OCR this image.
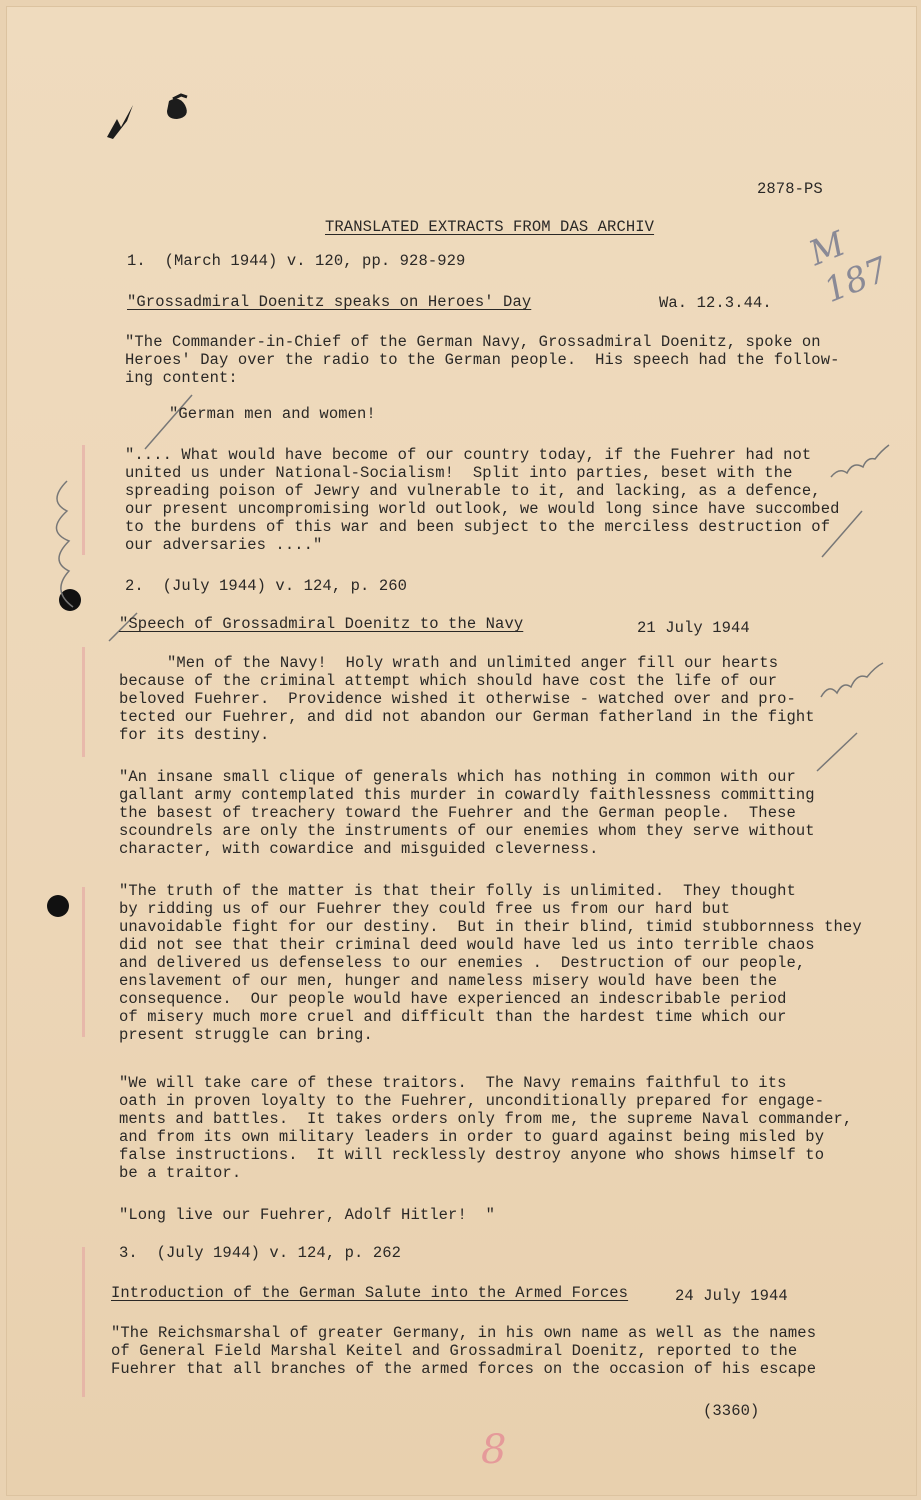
2878-PS
M 187
TRANSLATED EXTRACTS FROM DAS ARCHIV
1.  (March 1944) v. 120, pp. 928-929
"Grossadmiral Doenitz speaks on Heroes' Day	Wa. 12.3.44.
"The Commander-in-Chief of the German Navy, Grossadmiral Doenitz, spoke on
Heroes' Day over the radio to the German people.  His speech had the follow-
ing content:
"German men and women!
".... What would have become of our country today, if the Fuehrer had not
united us under National-Socialism!  Split into parties, beset with the
spreading poison of Jewry and vulnerable to it, and lacking, as a defence,
our present uncompromising world outlook, we would long since have succombed
to the burdens of this war and been subject to the merciless destruction of
our adversaries ...."
2.  (July 1944) v. 124, p. 260
"Speech of Grossadmiral Doenitz to the Navy	21 July 1944
"Men of the Navy!  Holy wrath and unlimited anger fill our hearts
because of the criminal attempt which should have cost the life of our
beloved Fuehrer.  Providence wished it otherwise - watched over and pro-
tected our Fuehrer, and did not abandon our German fatherland in the fight
for its destiny.
"An insane small clique of generals which has nothing in common with our
gallant army contemplated this murder in cowardly faithlessness committing
the basest of treachery toward the Fuehrer and the German people.  These
scoundrels are only the instruments of our enemies whom they serve without
character, with cowardice and misguided cleverness.
"The truth of the matter is that their folly is unlimited.  They thought
by ridding us of our Fuehrer they could free us from our hard but
unavoidable fight for our destiny.  But in their blind, timid stubbornness they
did not see that their criminal deed would have led us into terrible chaos
and delivered us defenseless to our enemies .  Destruction of our people,
enslavement of our men, hunger and nameless misery would have been the
consequence.  Our people would have experienced an indescribable period
of misery much more cruel and difficult than the hardest time which our
present struggle can bring.
"We will take care of these traitors.  The Navy remains faithful to its
oath in proven loyalty to the Fuehrer, unconditionally prepared for engage-
ments and battles.  It takes orders only from me, the supreme Naval commander,
and from its own military leaders in order to guard against being misled by
false instructions.  It will recklessly destroy anyone who shows himself to
be a traitor.
"Long live our Fuehrer, Adolf Hitler!  "
3.  (July 1944) v. 124, p. 262
Introduction of the German Salute into the Armed Forces	24 July 1944
"The Reichsmarshal of greater Germany, in his own name as well as the names
of General Field Marshal Keitel and Grossadmiral Doenitz, reported to the
Fuehrer that all branches of the armed forces on the occasion of his escape
(3360)
8
